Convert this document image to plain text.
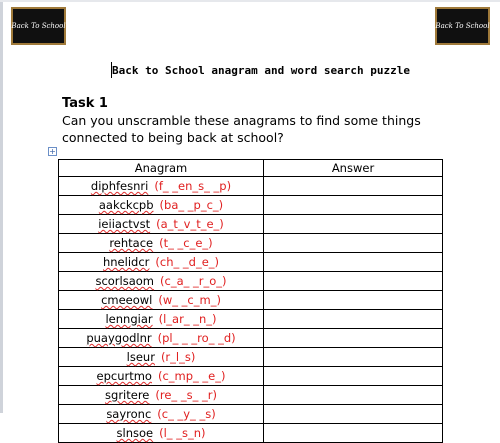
Back To School	Back To School
Back to School anagram and word search puzzle
Task 1
Can you unscramble these anagrams to find some things connected to being back at school?
+
Anagram	Answer
diphfesnri (f_ _en_s_ _p)	
aakckcpb (ba_ _p_c_)	
ieiiactvst (a_t_v_t_e_)	
rehtace (t_ _c_e_)	
hnelidcr (ch_ _d_e_)	
scorlsaom (c_a_ _r_o_)	
cmeeowl (w_ _c_m_)	
lenngiar (l_ar_ _n_)	
puaygodlnr (pl_ _ _ro_ _d)	
lseur (r_l_s)	
epcurtmo (c_mp_ _e_)	
sgritere (re_ _s_ _r)	
sayronc (c_ _y_ _s)	
slnsoe (l_ _s_n)	
